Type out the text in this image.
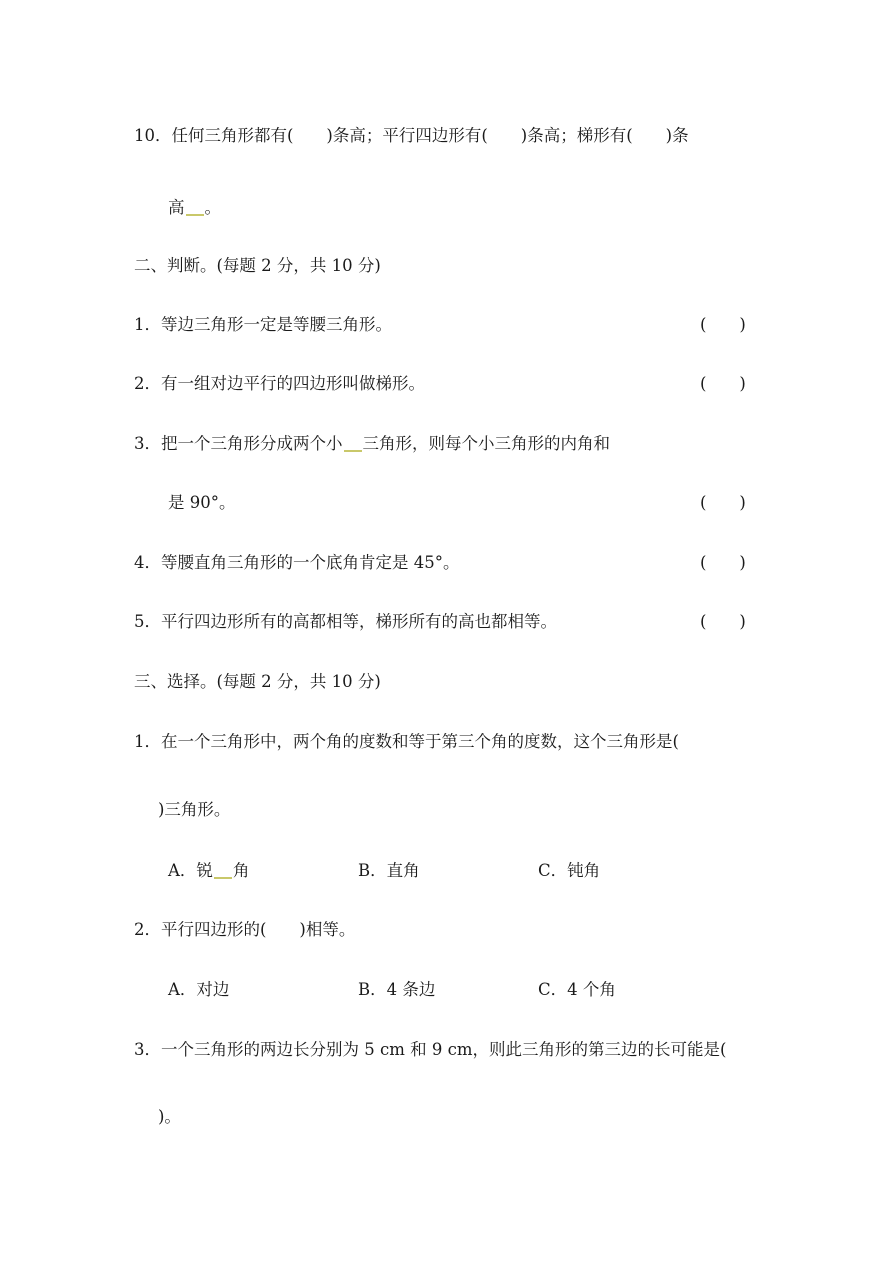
10．任何三角形都有(　　)条高；平行四边形有(　　)条高；梯形有(　　)条
高 。
二、判断。(每题 2 分，共 10 分)
1．等边三角形一定是等腰三角形。	(　　)
2．有一组对边平行的四边形叫做梯形。	(　　)
3．把一个三角形分成两个小 三角形，则每个小三角形的内角和
是 90°。	(　　)
4．等腰直角三角形的一个底角肯定是 45°。	(　　)
5．平行四边形所有的高都相等，梯形所有的高也都相等。	(　　)
三、选择。(每题 2 分，共 10 分)
1．在一个三角形中，两个角的度数和等于第三个角的度数，这个三角形是(
)三角形。
A．锐 角	B．直角	C．钝角
2．平行四边形的(　　)相等。
A．对边	B．4 条边	C．4 个角
3．一个三角形的两边长分别为 5 cm 和 9 cm，则此三角形的第三边的长可能是(
)。
